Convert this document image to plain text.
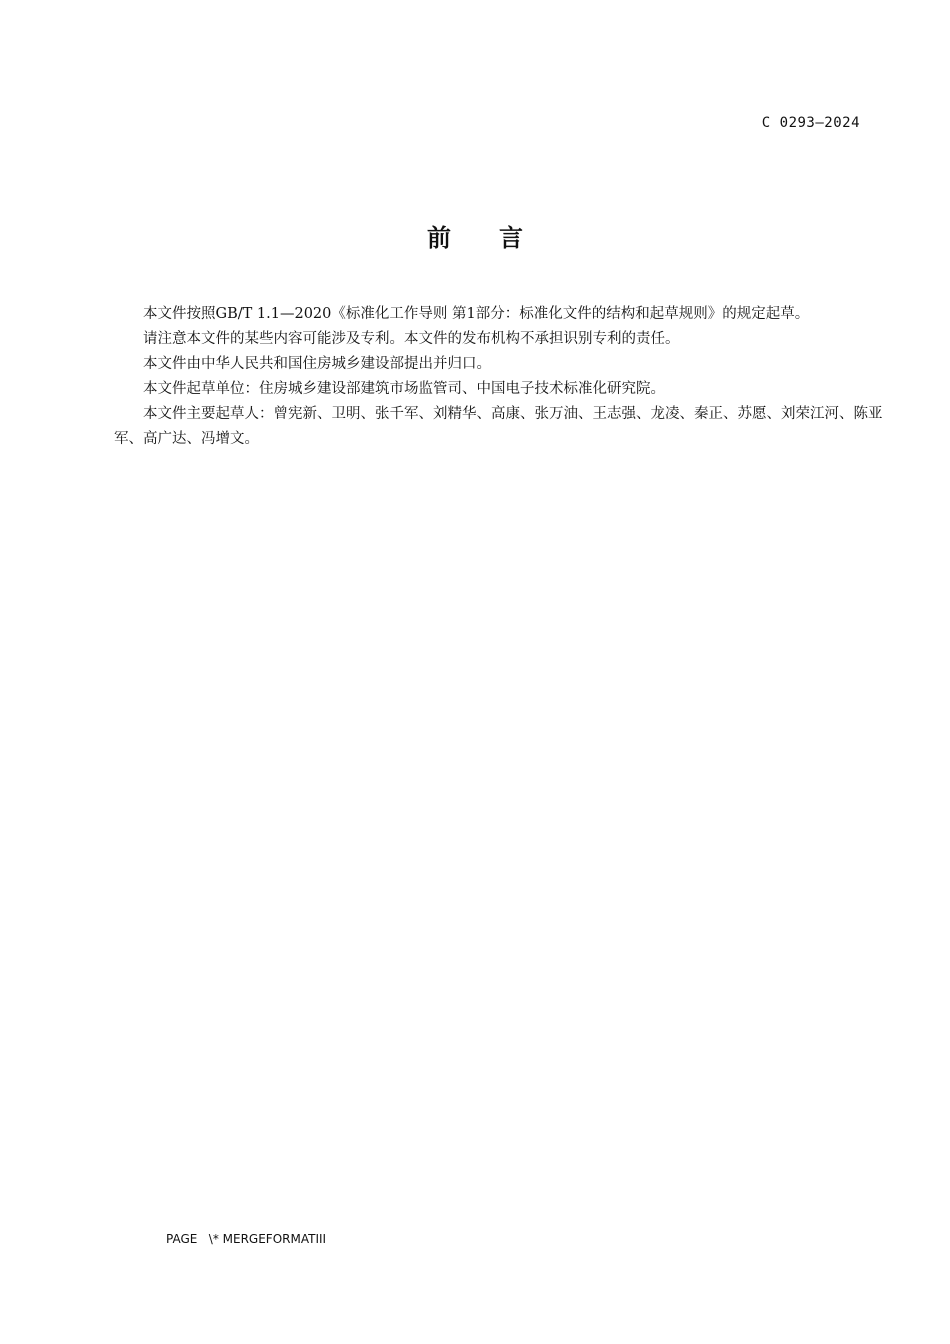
C 0293—2024
前言

本文件按照GB/T 1.1—2020《标准化工作导则 第1部分：标准化文件的结构和起草规则》的规定起草。

请注意本文件的某些内容可能涉及专利。本文件的发布机构不承担识别专利的责任。

本文件由中华人民共和国住房城乡建设部提出并归口。

本文件起草单位：住房城乡建设部建筑市场监管司、中国电子技术标准化研究院。

本文件主要起草人：曾宪新、卫明、张千军、刘精华、高康、张万油、王志强、龙凌、秦正、苏愿、刘荣江河、陈亚军、高广达、冯增文。

PAGE   \* MERGEFORMATIII
